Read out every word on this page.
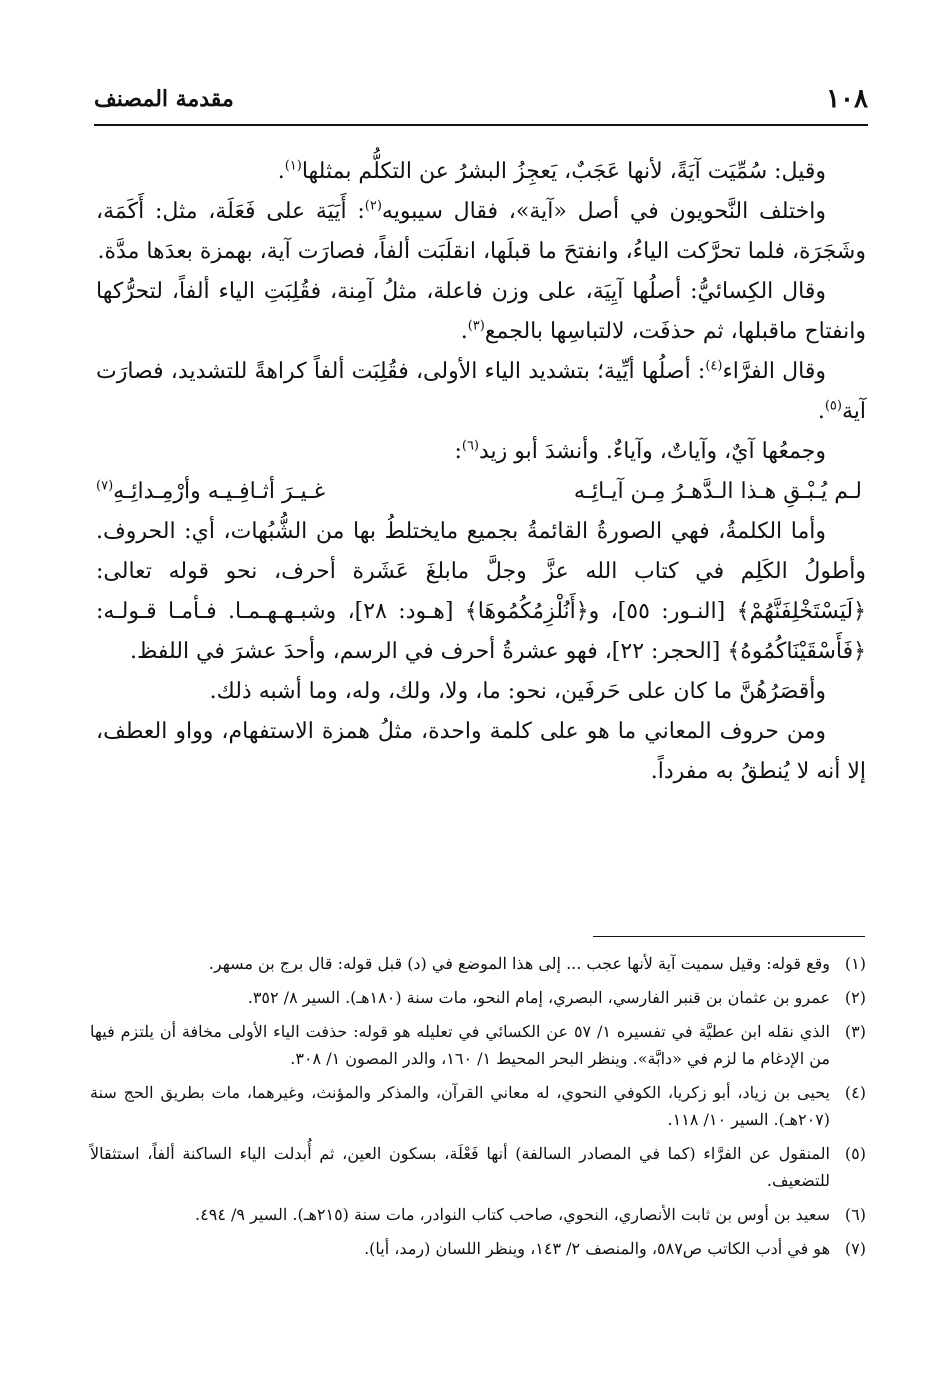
١٠٨
مقدمة المصنف

وقيل: سُمِّيَت آيَةً، لأنها عَجَبٌ، يَعجِزُ البشرُ عن التكلُّم بمثلها$^{(١)}$.

واختلف النَّحويون في أصل «آية»، فقال سيبويه$^{(٢)}$: أَيَيَة على فَعَلَة، مثل: أَكَمَة، وشَجَرَة، فلما تحرَّكت الياءُ، وانفتحَ ما قبلَها، انقلَبَت ألفاً، فصارَت آية، بهمزة بعدَها مدَّة.

وقال الكِسائيُّ: أصلُها آيِيَة، على وزن فاعلة، مثلُ آمِنة، فقُلِبَتِ الياء ألفاً، لتحرُّكها وانفتاح ماقبلها، ثم حذفَت، لالتباسِها بالجمع$^{(٣)}$.

وقال الفرَّاء$^{(٤)}$: أصلُها أيِّية؛ بتشديد الياء الأولى، فقُلِبَت ألفاً كراهةً للتشديد، فصارَت آية$^{(٥)}$.

وجمعُها آيٌ، وآياتٌ، وآياءٌ. وأنشدَ أبو زيد$^{(٦)}$:

لـم يُـبْـقِ هـذا الـدَّهـرُ مِـن آيـائِـه
غـيـرَ أثـافِـيـه وأرْمِـدائِـهِ$^{(٧)}$

وأما الكلمةُ، فهي الصورةُ القائمةُ بجميع مايختلطُ بها من الشُّبُهات، أي: الحروف. وأطولُ الكَلِم في كتاب الله عزَّ وجلَّ مابلغَ عَشَرة أحرف، نحو قوله تعالى: ﴿لَيَسْتَخْلِفَنَّهُمْ﴾ [النـور: ٥٥]، و﴿أَنُلْزِمُكُمُوهَا﴾ [هـود: ٢٨]، وشبـهـهـمـا. فـأمـا قـولـه: ﴿فَأَسْقَيْنَاكُمُوهُ﴾ [الحجر: ٢٢]، فهو عشرةُ أحرف في الرسم، وأحدَ عشرَ في اللفظ.

وأقصَرُهُنَّ ما كان على حَرفَين، نحو: ما، ولا، ولك، وله، وما أشبه ذلك.

ومن حروف المعاني ما هو على كلمة واحدة، مثلُ همزة الاستفهام، وواو العطف، إلا أنه لا يُنطقُ به مفرداً.

(١)
وقع قوله: وقيل سميت آية لأنها عجب ... إلى هذا الموضع في (د) قبل قوله: قال برج بن مسهر.
(٢)
عمرو بن عثمان بن قنبر الفارسي، البصري، إمام النحو، مات سنة (١٨٠هـ). السير ٨/ ٣٥٢.
(٣)
الذي نقله ابن عطيَّة في تفسيره ١/ ٥٧ عن الكسائي في تعليله هو قوله: حذفت الياء الأولى مخافة أن يلتزم فيها من الإدغام ما لزم في «دابَّة». وينظر البحر المحيط ١/ ١٦٠، والدر المصون ١/ ٣٠٨.
(٤)
يحيى بن زياد، أبو زكريا، الكوفي النحوي، له معاني القرآن، والمذكر والمؤنث، وغيرهما، مات بطريق الحج سنة (٢٠٧هـ). السير ١٠/ ١١٨.
(٥)
المنقول عن الفرَّاء (كما في المصادر السالفة) أنها فَعْلَة، بسكون العين، ثم أُبدلت الياء الساكنة ألفاً، استثقالاً للتضعيف.
(٦)
سعيد بن أوس بن ثابت الأنصاري، النحوي، صاحب كتاب النوادر، مات سنة (٢١٥هـ). السير ٩/ ٤٩٤.
(٧)
هو في أدب الكاتب ص٥٨٧، والمنصف ٢/ ١٤٣، وينظر اللسان (رمد، أيا).
